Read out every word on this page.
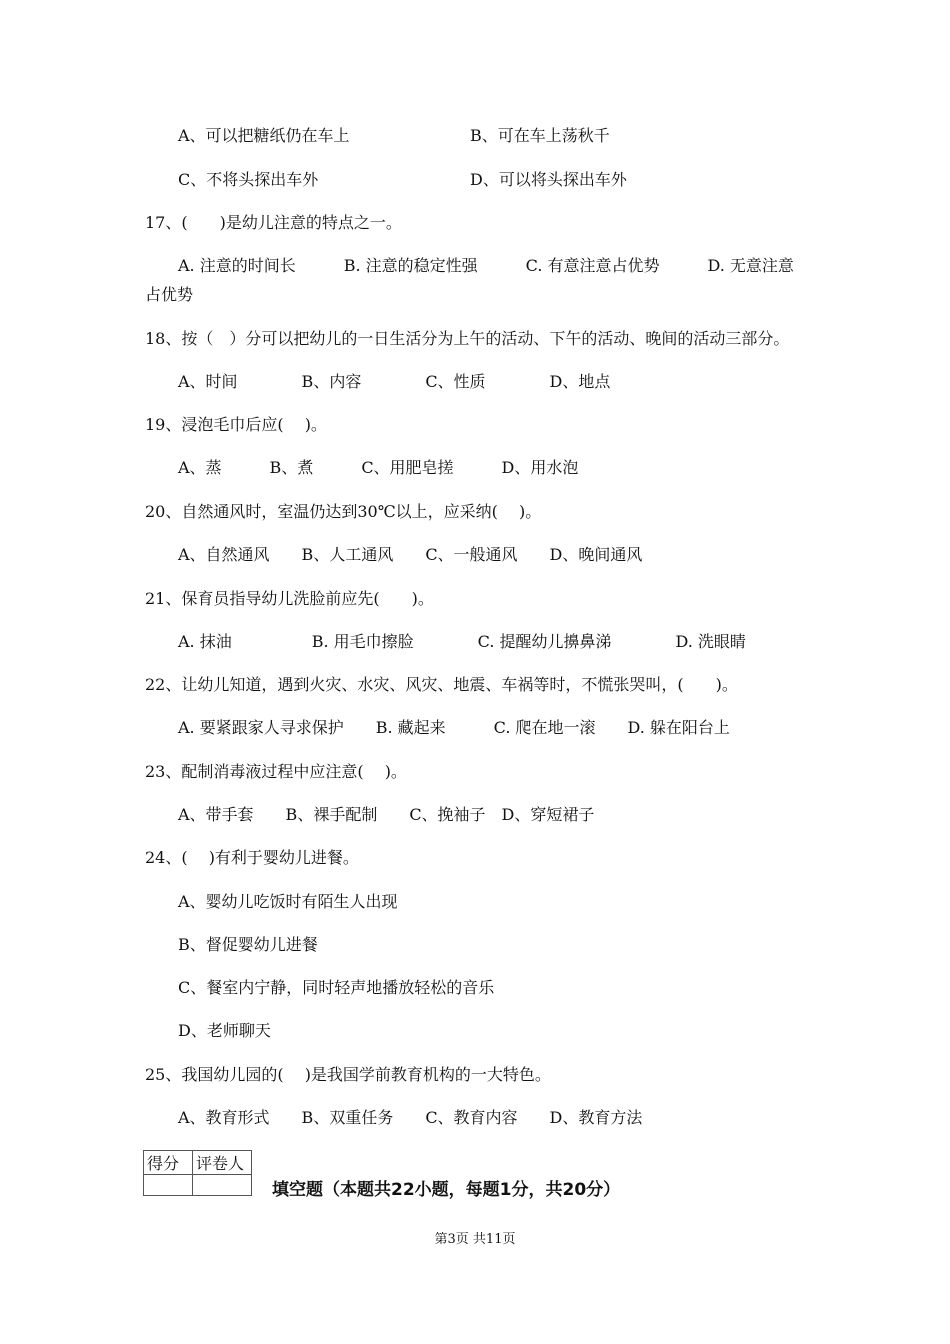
A、可以把糖纸仍在车上	B、可在车上荡秋千
C、不将头探出车外	D、可以将头探出车外
17、(　　)是幼儿注意的特点之一。
A. 注意的时间长　　　B. 注意的稳定性强　　　C. 有意注意占优势　　　D. 无意注意
占优势
18、按（　）分可以把幼儿的一日生活分为上午的活动、下午的活动、晚间的活动三部分。
A、时间　　　　B、内容　　　　C、性质　　　　D、地点
19、浸泡毛巾后应(　 )。
A、蒸　　　B、煮　　　C、用肥皂搓　　　D、用水泡
20、自然通风时，室温仍达到30℃以上，应采纳(　 )。
A、自然通风　　B、人工通风　　C、一般通风　　D、晚间通风
21、保育员指导幼儿洗脸前应先(　　)。
A. 抹油　　　　　B. 用毛巾擦脸　　　　C. 提醒幼儿擤鼻涕　　　　D. 洗眼睛
22、让幼儿知道，遇到火灾、水灾、风灾、地震、车祸等时，不慌张哭叫，(　　)。
A. 要紧跟家人寻求保护　　B. 藏起来　　　C. 爬在地一滚　　D. 躲在阳台上
23、配制消毒液过程中应注意(　 )。
A、带手套　　B、裸手配制　　C、挽袖子　D、穿短裙子
24、(　 )有利于婴幼儿进餐。
A、婴幼儿吃饭时有陌生人出现
B、督促婴幼儿进餐
C、餐室内宁静，同时轻声地播放轻松的音乐
D、老师聊天
25、我国幼儿园的(　 )是我国学前教育机构的一大特色。
A、教育形式　　B、双重任务　　C、教育内容　　D、教育方法
得分	评卷人

填空题（本题共22小题，每题1分，共20分）
第3页 共11页
